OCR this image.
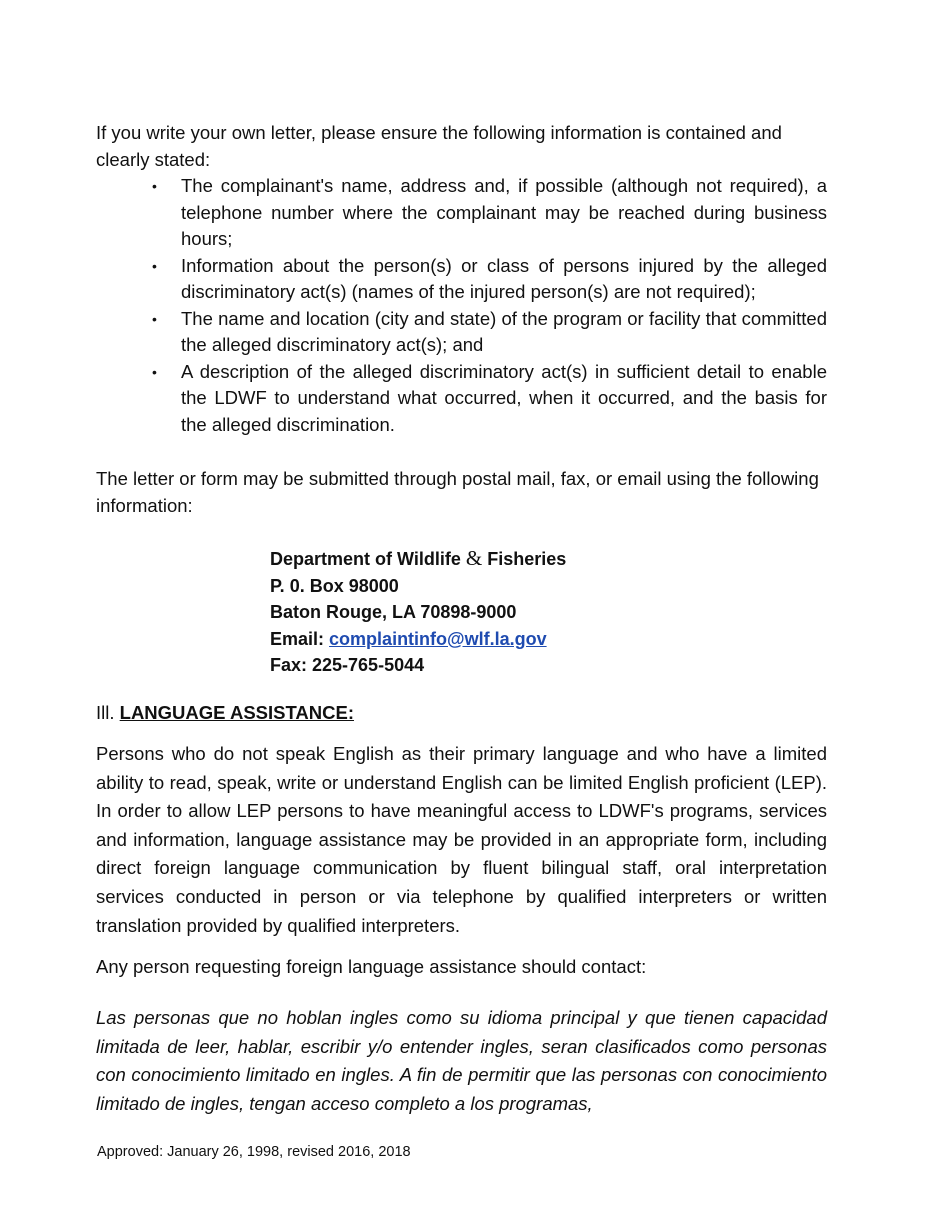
If you write your own letter, please ensure the following information is contained and clearly stated:

• The complainant's name, address and, if possible (although not required), a telephone number where the complainant may be reached during business hours;
• Information about the person(s) or class of persons injured by the alleged discriminatory act(s) (names of the injured person(s) are not required);
• The name and location (city and state) of the program or facility that committed the alleged discriminatory act(s); and
• A description of the alleged discriminatory act(s) in sufficient detail to enable the LDWF to understand what occurred, when it occurred, and the basis for the alleged discrimination.

The letter or form may be submitted through postal mail, fax, or email using the following information:

Department of Wildlife & Fisheries
P. 0. Box 98000
Baton Rouge, LA 70898-9000
Email: complaintinfo@wlf.la.gov
Fax: 225-765-5044
Ill. LANGUAGE ASSISTANCE:

Persons who do not speak English as their primary language and who have a limited ability to read, speak, write or understand English can be limited English proficient (LEP). In order to allow LEP persons to have meaningful access to LDWF's programs, services and information, language assistance may be provided in an appropriate form, including direct foreign language communication by fluent bilingual staff, oral interpretation services conducted in person or via telephone by qualified interpreters or written translation provided by qualified interpreters.

Any person requesting foreign language assistance should contact:

Las personas que no hoblan ingles como su idioma principal y que tienen capacidad limitada de leer, hablar, escribir y/o entender ingles, seran clasificados como personas con conocimiento limitado en ingles. A fin de permitir que las personas con conocimiento limitado de ingles, tengan acceso completo a los programas,

Approved: January 26, 1998, revised 2016, 2018
